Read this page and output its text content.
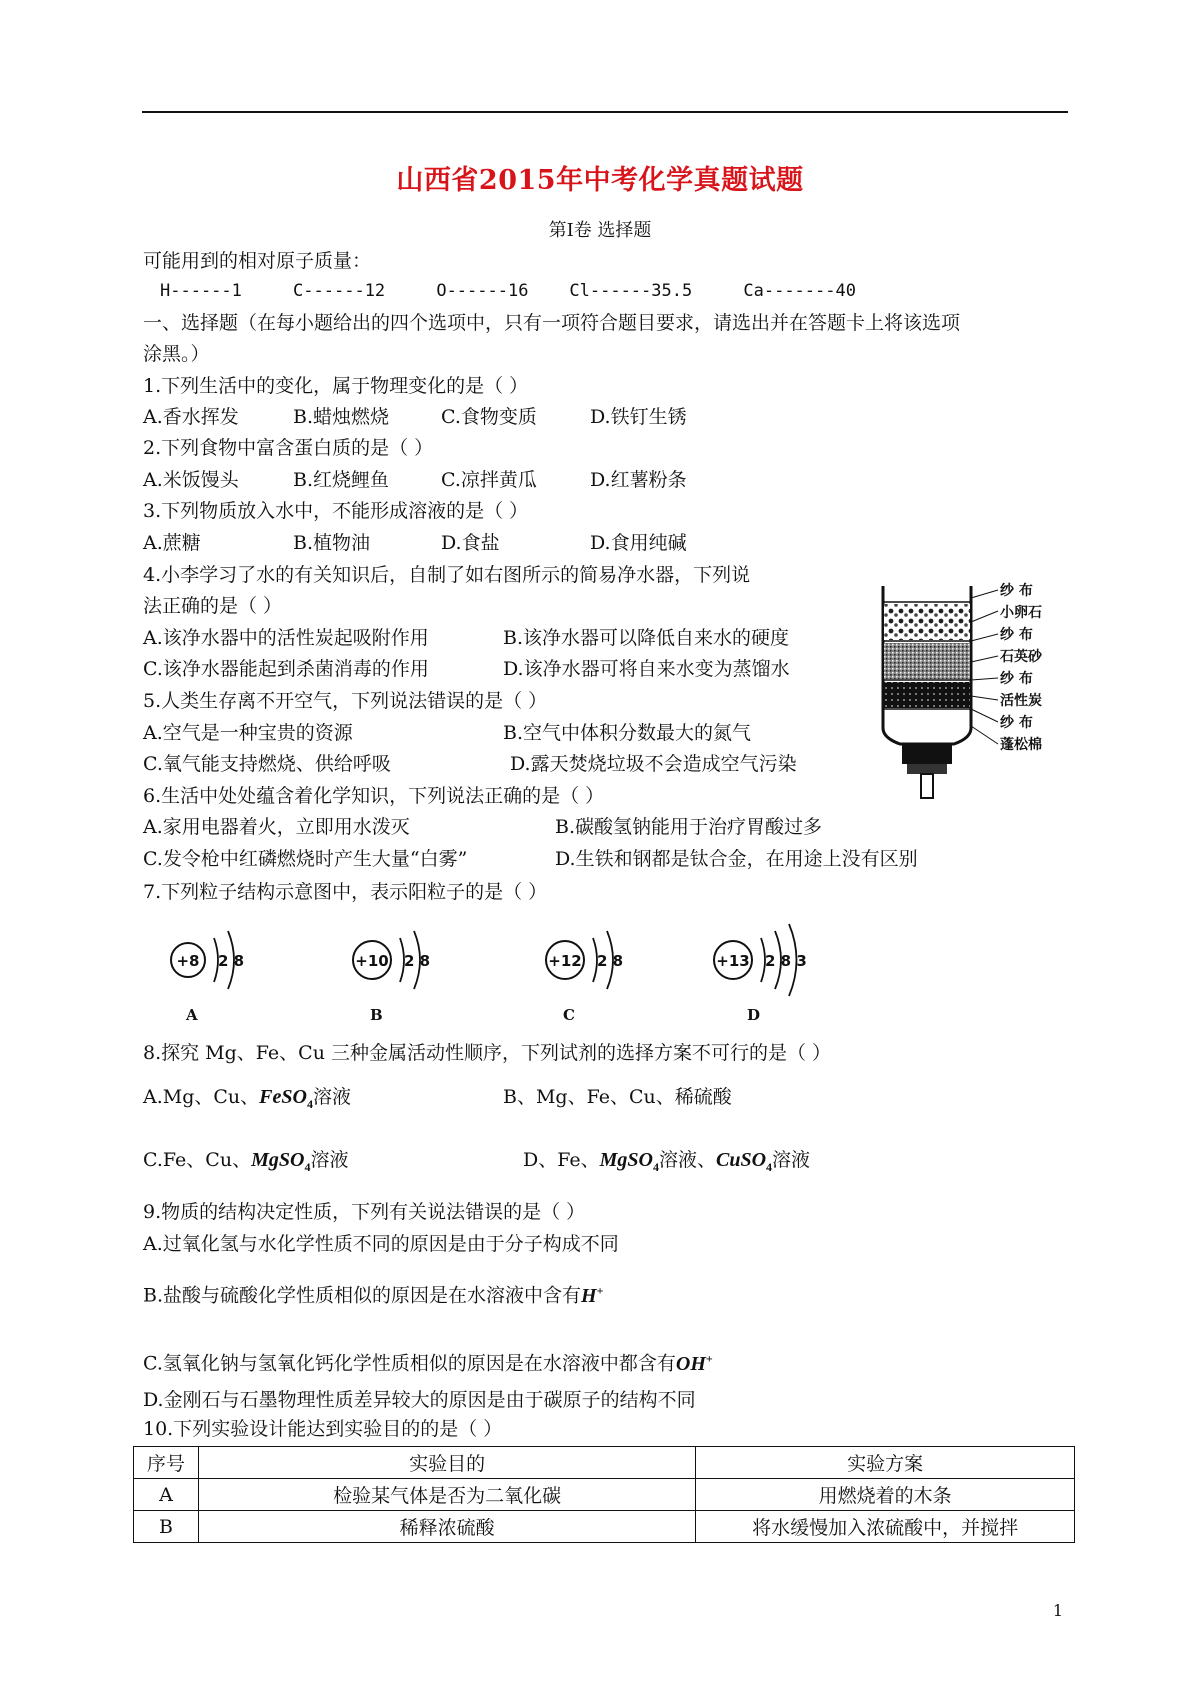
山西省2015年中考化学真题试题
第I卷 选择题
可能用到的相对原子质量：
H------1     C------12     O------16    Cl------35.5     Ca-------40
一、选择题（在每小题给出的四个选项中，只有一项符合题目要求，请选出并在答题卡上将该选项
涂黑。）
1.下列生活中的变化，属于物理变化的是（ ）
A.香水挥发	B.蜡烛燃烧	C.食物变质	D.铁钉生锈
2.下列食物中富含蛋白质的是（ ）
A.米饭馒头	B.红烧鲤鱼	C.凉拌黄瓜	D.红薯粉条
3.下列物质放入水中，不能形成溶液的是（ ）
A.蔗糖	B.植物油	D.食盐	D.食用纯碱
4.小李学习了水的有关知识后，自制了如右图所示的简易净水器，下列说
法正确的是（ ）
A.该净水器中的活性炭起吸附作用	B.该净水器可以降低自来水的硬度
C.该净水器能起到杀菌消毒的作用	D.该净水器可将自来水变为蒸馏水
纱 布
小卵石
纱 布
石英砂
纱 布
活性炭
纱 布
蓬松棉
5.人类生存离不开空气，下列说法错误的是（ ）
A.空气是一种宝贵的资源	B.空气中体积分数最大的氮气
C.氧气能支持燃烧、供给呼吸	D.露天焚烧垃圾不会造成空气污染
6.生活中处处蕴含着化学知识，下列说法正确的是（ ）
A.家用电器着火，立即用水泼灭	B.碳酸氢钠能用于治疗胃酸过多
C.发令枪中红磷燃烧时产生大量“白雾”	D.生铁和钢都是钛合金，在用途上没有区别
7.下列粒子结构示意图中，表示阳粒子的是（ ）
+8 2 8
A
+10 2 8
B
+12 2 8
C
+13 2 8 3
D
8.探究 Mg、Fe、Cu 三种金属活动性顺序，下列试剂的选择方案不可行的是（ ）
A.Mg、Cu、FeSO$_4$溶液	B、Mg、Fe、Cu、稀硫酸
C.Fe、Cu、MgSO$_4$溶液	D、Fe、MgSO$_4$溶液、CuSO$_4$溶液
9.物质的结构决定性质，下列有关说法错误的是（ ）
A.过氧化氢与水化学性质不同的原因是由于分子构成不同
B.盐酸与硫酸化学性质相似的原因是在水溶液中含有H+
C.氢氧化钠与氢氧化钙化学性质相似的原因是在水溶液中都含有OH+
D.金刚石与石墨物理性质差异较大的原因是由于碳原子的结构不同
10.下列实验设计能达到实验目的的是（ ）
序号	实验目的	实验方案
A	检验某气体是否为二氧化碳	用燃烧着的木条
B	稀释浓硫酸	将水缓慢加入浓硫酸中，并搅拌
1
